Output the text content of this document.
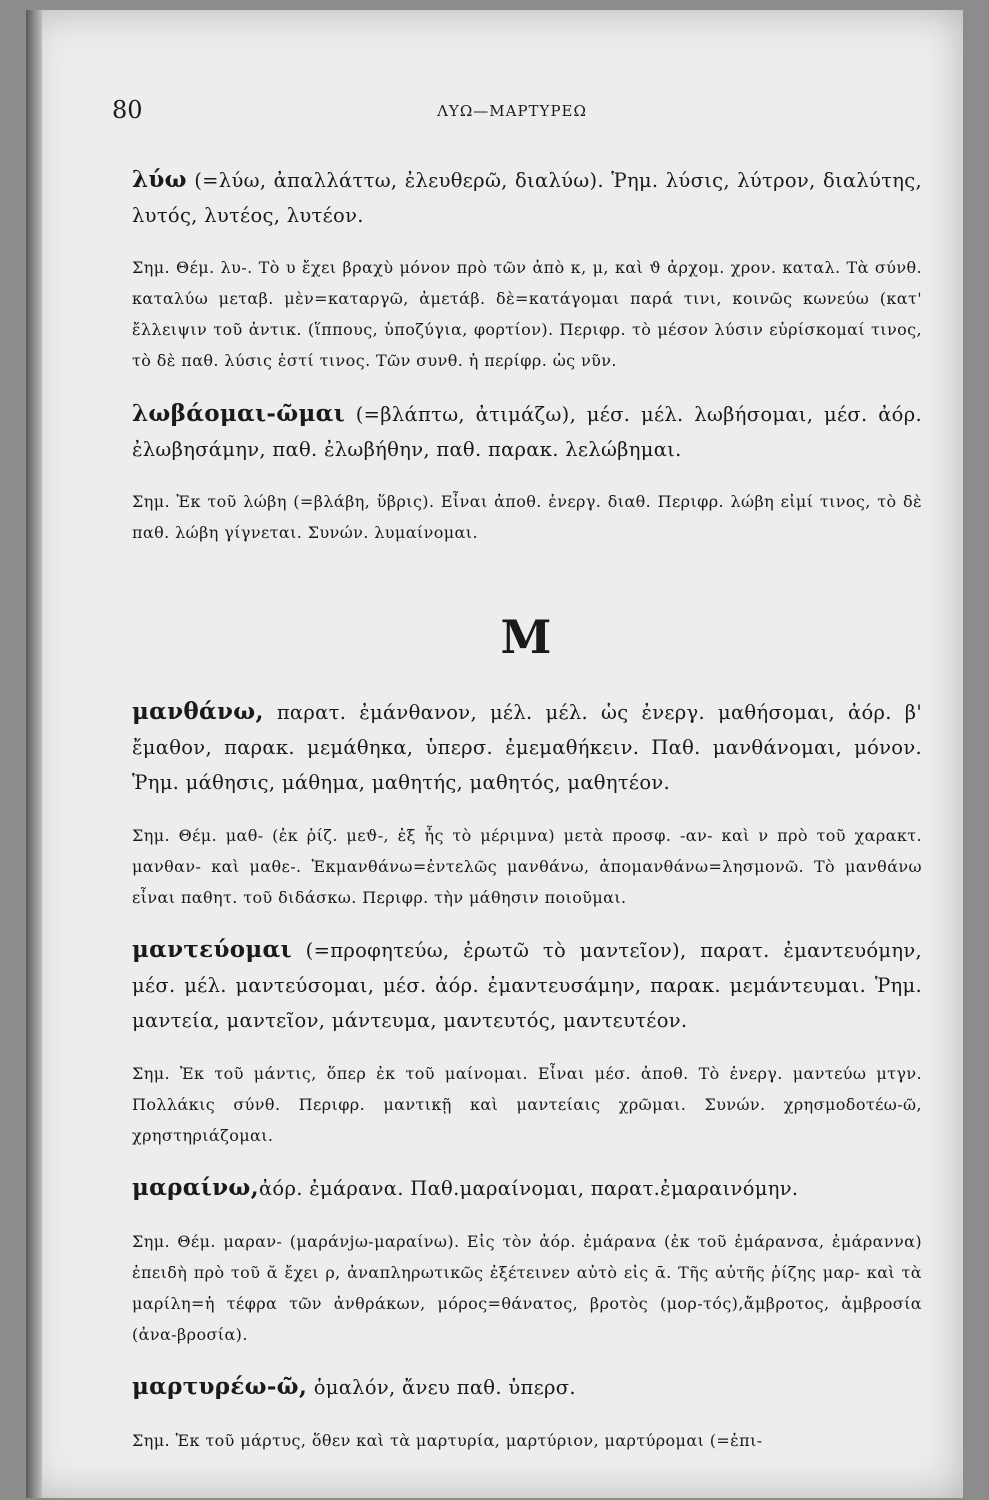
80	ΛΥΩ—ΜΑΡΤΥΡΕΩ

λύω (=λύω, ἀπαλλάττω, ἐλευθερῶ, διαλύω). Ῥημ. λύσις, λύτρον, διαλύτης, λυτός, λυτέος, λυτέον.

Σημ. Θέμ. λυ-. Τὸ υ ἔχει βραχὺ μόνον πρὸ τῶν ἀπὸ κ, μ, καὶ ϑ ἀρχομ. χρον. καταλ. Τὰ σύνθ. καταλύω μεταβ. μὲν=καταργῶ, ἀμετάβ. δὲ=κατάγομαι παρά τινι, κοινῶς κωνεύω (κατ' ἔλλειψιν τοῦ ἀντικ. (ἵππους, ὑποζύγια, φορτίον). Περιφρ. τὸ μέσον λύσιν εὑρίσκομαί τινος, τὸ δὲ παθ. λύσις ἐστί τινος. Τῶν συνθ. ἡ περίφρ. ὡς νῦν.

λωβάομαι-ῶμαι (=βλάπτω, ἀτιμάζω), μέσ. μέλ. λωβήσομαι, μέσ. ἀόρ. ἐλωβησάμην, παθ. ἐλωβήθην, παθ. παρακ. λελώβημαι.

Σημ. Ἐκ τοῦ λώβη (=βλάβη, ὕβρις). Εἶναι ἀποθ. ἐνεργ. διαθ. Περιφρ. λώβη εἰμί τινος, τὸ δὲ παθ. λώβη γίγνεται. Συνών. λυμαίνομαι.

Μ

μανθάνω, παρατ. ἐμάνθανον, μέλ. μέλ. ὡς ἐνεργ. μαθήσομαι, ἀόρ. β' ἔμαθον, παρακ. μεμάθηκα, ὑπερσ. ἐμεμαθήκειν. Παθ. μανθάνομαι, μόνον. Ῥημ. μάθησις, μάθημα, μαθητής, μαθητός, μαθητέον.

Σημ. Θέμ. μαθ- (ἐκ ῥίζ. μεϑ-, ἐξ ἧς τὸ μέριμνα) μετὰ προσφ. -αν- καὶ ν πρὸ τοῦ χαρακτ. μανθαν- καὶ μαθε-. Ἐκμανθάνω=ἐντελῶς μανθάνω, ἀπομανθάνω=λησμονῶ. Τὸ μανθάνω εἶναι παθητ. τοῦ διδάσκω. Περιφρ. τὴν μάθησιν ποιοῦμαι.

μαντεύομαι (=προφητεύω, ἐρωτῶ τὸ μαντεῖον), παρατ. ἐμαντευόμην, μέσ. μέλ. μαντεύσομαι, μέσ. ἀόρ. ἐμαντευσάμην, παρακ. μεμάντευμαι. Ῥημ. μαντεία, μαντεῖον, μάντευμα, μαντευτός, μαντευτέον.

Σημ. Ἐκ τοῦ μάντις, ὅπερ ἐκ τοῦ μαίνομαι. Εἶναι μέσ. ἀποθ. Τὸ ἐνεργ. μαντεύω μτγν. Πολλάκις σύνθ. Περιφρ. μαντικῇ καὶ μαντείαις χρῶμαι. Συνών. χρησμοδοτέω-ῶ, χρηστηριάζομαι.

μαραίνω,ἀόρ. ἐμάρανα. Παθ.μαραίνομαι, παρατ.ἐμαραινόμην.

Σημ. Θέμ. μαραν- (μαράνjω-μαραίνω). Εἰς τὸν ἀόρ. ἐμάρανα (ἐκ τοῦ ἐμάρανσα, ἐμάραννα) ἐπειδὴ πρὸ τοῦ ᾰ ἔχει ρ, ἀναπληρωτικῶς ἐξέτεινεν αὐτὸ εἰς ᾱ. Τῆς αὐτῆς ῥίζης μαρ- καὶ τὰ μαρίλη=ἡ τέφρα τῶν ἀνθράκων, μόρος=θάνατος, βροτὸς (μορ-τός),ἄμβροτος, ἀμβροσία (ἀνα-βροσία).

μαρτυρέω-ῶ, ὁμαλόν, ἄνευ παθ. ὑπερσ.

Σημ. Ἐκ τοῦ μάρτυς, ὅθεν καὶ τὰ μαρτυρία, μαρτύριον, μαρτύρομαι (=ἐπι-
